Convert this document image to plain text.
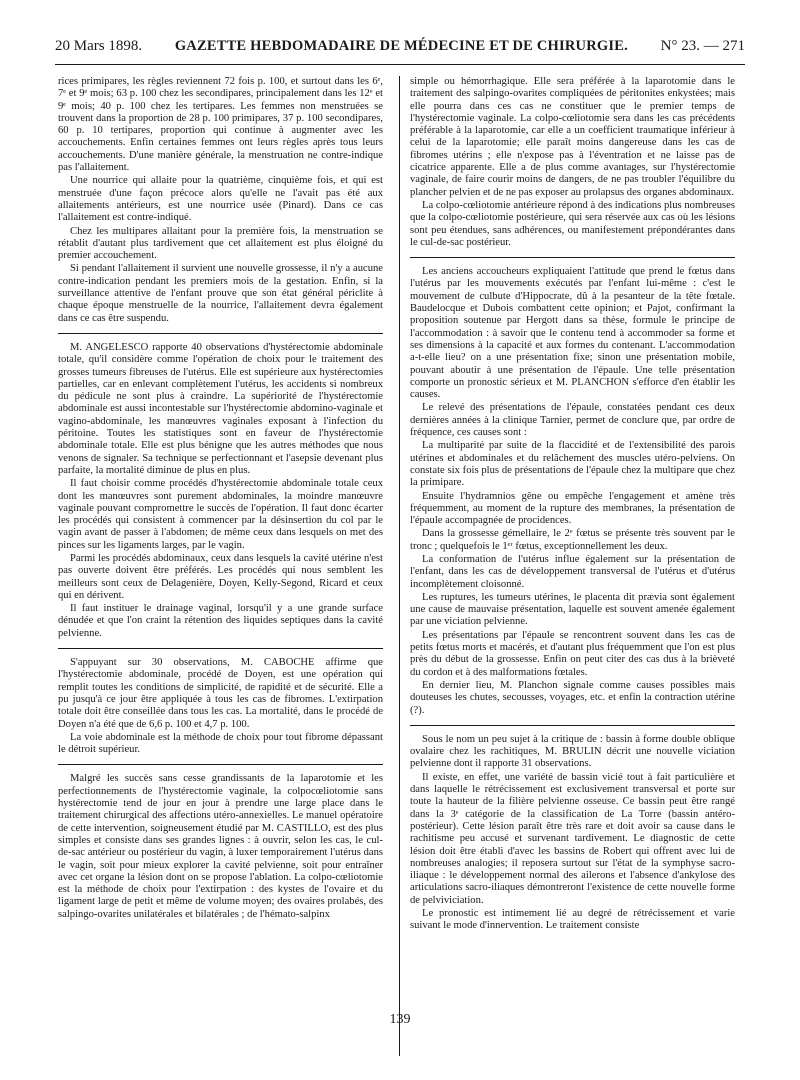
20 Mars 1898. GAZETTE HEBDOMADAIRE DE MÉDECINE ET DE CHIRURGIE. N° 23. — 271

rices primipares, les règles reviennent 72 fois p. 100, et surtout dans les 6ᵉ, 7ᵉ et 9ᵉ mois; 63 p. 100 chez les secondipares, principalement dans les 12ᵉ et 9ᵉ mois; 40 p. 100 chez les tertipares. Les femmes non menstruées se trouvent dans la proportion de 28 p. 100 primipares, 37 p. 100 secondipares, 60 p. 10 tertipares, proportion qui continue à augmenter avec les accouchements. Enfin certaines femmes ont leurs règles après tous leurs accouchements. D'une manière générale, la menstruation ne contre-indique pas l'allaitement.

Une nourrice qui allaite pour la quatrième, cinquième fois, et qui est menstruée d'une façon précoce alors qu'elle ne l'avait pas été aux allaitements antérieurs, est une nourrice usée (Pinard). Dans ce cas l'allaitement est contre-indiqué.

Chez les multipares allaitant pour la première fois, la menstruation se rétablit d'autant plus tardivement que cet allaitement est plus éloigné du premier accouchement.

Si pendant l'allaitement il survient une nouvelle grossesse, il n'y a aucune contre-indication pendant les premiers mois de la gestation. Enfin, si la surveillance attentive de l'enfant prouve que son état général périclite à chaque époque menstruelle de la nourrice, l'allaitement devra également dans ce cas être suspendu.

M. ANGELESCO rapporte 40 observations d'hystérectomie abdominale totale, qu'il considère comme l'opération de choix pour le traitement des grosses tumeurs fibreuses de l'utérus. Elle est supérieure aux hystérectomies partielles, car en enlevant complètement l'utérus, les accidents si nombreux du pédicule ne sont plus à craindre. La supériorité de l'hystérectomie abdominale est aussi incontestable sur l'hystérectomie abdomino-vaginale et vagino-abdominale, les manœuvres vaginales exposant à l'infection du péritoine. Toutes les statistiques sont en faveur de l'hystérectomie abdominale totale. Elle est plus bénigne que les autres méthodes que nous venons de signaler. Sa technique se perfectionnant et l'asepsie devenant plus parfaite, la mortalité diminue de plus en plus.

Il faut choisir comme procédés d'hystérectomie abdominale totale ceux dont les manœuvres sont purement abdominales, la moindre manœuvre vaginale pouvant compromettre le succès de l'opération. Il faut donc écarter les procédés qui consistent à commencer par la désinsertion du col par le vagin avant de passer à l'abdomen; de même ceux dans lesquels on met des pinces sur les ligaments larges, par le vagin.

Parmi les procédés abdominaux, ceux dans lesquels la cavité utérine n'est pas ouverte doivent être préférés. Les procédés qui nous semblent les meilleurs sont ceux de Delagenière, Doyen, Kelly-Segond, Ricard et ceux qui en dérivent.

Il faut instituer le drainage vaginal, lorsqu'il y a une grande surface dénudée et que l'on craint la rétention des liquides septiques dans la cavité pelvienne.

S'appuyant sur 30 observations, M. CABOCHE affirme que l'hystérectomie abdominale, procédé de Doyen, est une opération qui remplit toutes les conditions de simplicité, de rapidité et de sécurité. Elle a pu jusqu'à ce jour être appliquée à tous les cas de fibromes. L'extirpation totale doit être conseillée dans tous les cas. La mortalité, dans le procédé de Doyen n'a été que de 6,6 p. 100 et 4,7 p. 100.

La voie abdominale est la méthode de choix pour tout fibrome dépassant le détroit supérieur.

Malgré les succès sans cesse grandissants de la laparotomie et les perfectionnements de l'hystérectomie vaginale, la colpocœliotomie sans hystérectomie tend de jour en jour à prendre une large place dans le traitement chirurgical des affections utéro-annexielles. Le manuel opératoire de cette intervention, soigneusement étudié par M. CASTILLO, est des plus simples et consiste dans ses grandes lignes : à ouvrir, selon les cas, le cul-de-sac antérieur ou postérieur du vagin, à luxer temporairement l'utérus dans le vagin, soit pour mieux explorer la cavité pelvienne, soit pour entraîner avec cet organe la lésion dont on se propose l'ablation. La colpo-cœliotomie est la méthode de choix pour l'extirpation : des kystes de l'ovaire et du ligament large de petit et même de volume moyen; des ovaires prolabés, des salpingo-ovarites unilatérales et bilatérales ; de l'hémato-salpinx

simple ou hémorrhagique. Elle sera préférée à la laparotomie dans le traitement des salpingo-ovarites compliquées de péritonites enkystées; mais elle pourra dans ces cas ne constituer que le premier temps de l'hystérectomie vaginale. La colpo-cœliotomie sera dans les cas précédents préférable à la laparotomie, car elle a un coefficient traumatique inférieur à celui de la laparotomie; elle paraît moins dangereuse dans les cas de fibromes utérins ; elle n'expose pas à l'éventration et ne laisse pas de cicatrice apparente. Elle a de plus comme avantages, sur l'hystérectomie vaginale, de faire courir moins de dangers, de ne pas troubler l'équilibre du plancher pelvien et de ne pas exposer au prolapsus des organes abdominaux.

La colpo-cœliotomie antérieure répond à des indications plus nombreuses que la colpo-cœliotomie postérieure, qui sera réservée aux cas où les lésions sont peu étendues, sans adhérences, ou manifestement prépondérantes dans le cul-de-sac postérieur.

Les anciens accoucheurs expliquaient l'attitude que prend le fœtus dans l'utérus par les mouvements exécutés par l'enfant lui-même : c'est le mouvement de culbute d'Hippocrate, dû à la pesanteur de la tête fœtale. Baudelocque et Dubois combattent cette opinion; et Pajot, confirmant la proposition soutenue par Hergott dans sa thèse, formule le principe de l'accommodation : à savoir que le contenu tend à accommoder sa forme et ses dimensions à la capacité et aux formes du contenant. L'accommodation a-t-elle lieu? on a une présentation fixe; sinon une présentation mobile, pouvant aboutir à une présentation de l'épaule. Une telle présentation comporte un pronostic sérieux et M. PLANCHON s'efforce d'en établir les causes.

Le relevé des présentations de l'épaule, constatées pendant ces deux dernières années à la clinique Tarnier, permet de conclure que, par ordre de fréquence, ces causes sont :

La multiparité par suite de la flaccidité et de l'extensibilité des parois utérines et abdominales et du relâchement des muscles utéro-pelviens. On constate six fois plus de présentations de l'épaule chez la multipare que chez la primipare.

Ensuite l'hydramnios gêne ou empêche l'engagement et amène très fréquemment, au moment de la rupture des membranes, la présentation de l'épaule accompagnée de procidences.

Dans la grossesse gémellaire, le 2ᵉ fœtus se présente très souvent par le tronc ; quelquefois le 1ᵉʳ fœtus, exceptionnellement les deux.

La conformation de l'utérus influe également sur la présentation de l'enfant, dans les cas de développement transversal de l'utérus et d'utérus incomplètement cloisonné.

Les ruptures, les tumeurs utérines, le placenta dit prævia sont également une cause de mauvaise présentation, laquelle est souvent amenée également par une viciation pelvienne.

Les présentations par l'épaule se rencontrent souvent dans les cas de petits fœtus morts et macérés, et d'autant plus fréquemment que l'on est plus près du début de la grossesse. Enfin on peut citer des cas dus à la brièveté du cordon et à des malformations fœtales.

En dernier lieu, M. Planchon signale comme causes possibles mais douteuses les chutes, secousses, voyages, etc. et enfin la contraction utérine (?).

Sous le nom un peu sujet à la critique de : bassin à forme double oblique ovalaire chez les rachitiques, M. BRULIN décrit une nouvelle viciation pelvienne dont il rapporte 31 observations.

Il existe, en effet, une variété de bassin vicié tout à fait particulière et dans laquelle le rétrécissement est exclusivement transversal et porte sur toute la hauteur de la filière pelvienne osseuse. Ce bassin peut être rangé dans la 3ᵉ catégorie de la classification de La Torre (bassin antéro-postérieur). Cette lésion paraît être très rare et doit avoir sa cause dans le rachitisme peu accusé et survenant tardivement. Le diagnostic de cette lésion doit être établi d'avec les bassins de Robert qui offrent avec lui de nombreuses analogies; il reposera surtout sur l'état de la symphyse sacro-iliaque : le développement normal des ailerons et l'absence d'ankylose des articulations sacro-iliaques démontreront l'existence de cette nouvelle forme de pelviviciation.

Le pronostic est intimement lié au degré de rétrécissement et varie suivant le mode d'innervention. Le traitement consiste

139
